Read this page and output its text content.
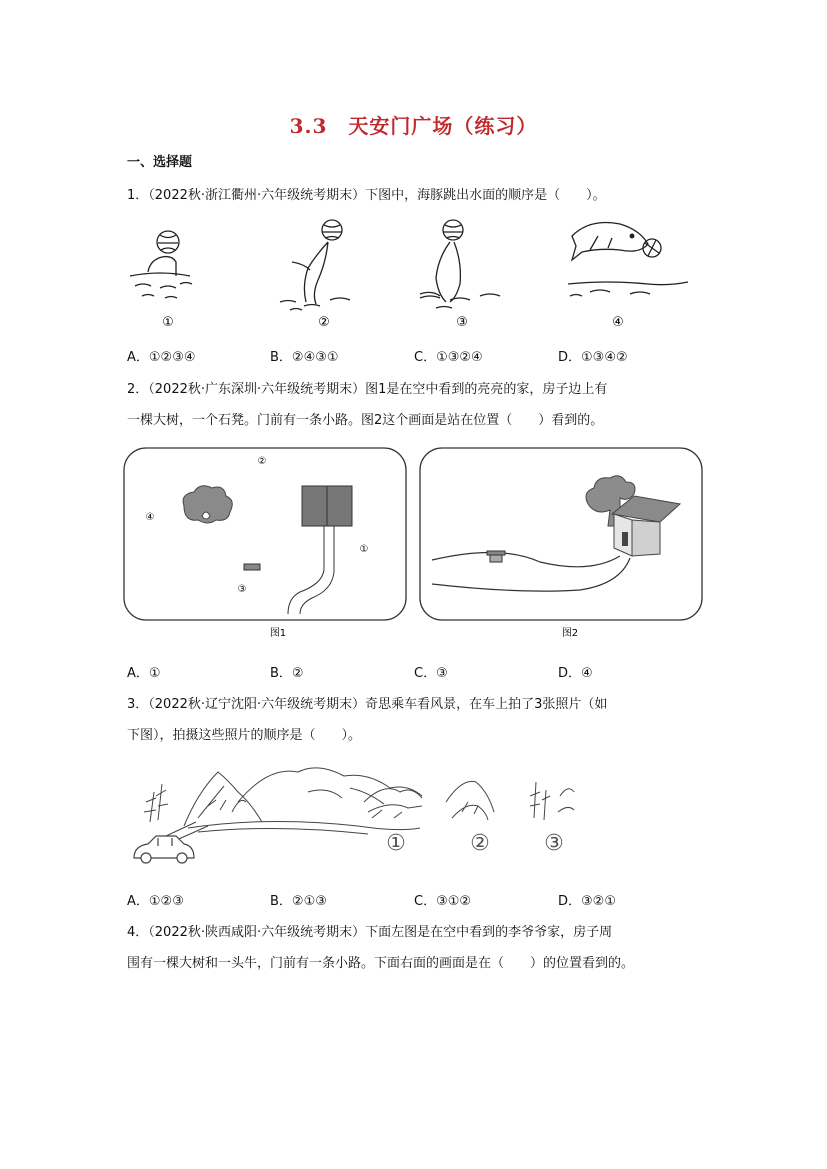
3.3　天安门广场（练习）
一、选择题
1．（2022秋·浙江衢州·六年级统考期末）下图中，海豚跳出水面的顺序是（　　）。
①	②	③	④
A．①②③④	B．②④③①	C．①③②④	D．①③④②
2．（2022秋·广东深圳·六年级统考期末）图1是在空中看到的亮亮的家，房子边上有
一棵大树，一个石凳。门前有一条小路。图2这个画面是站在位置（　　）看到的。
②
④
①
③
图1	图2
A．①	B．②	C．③	D．④
3．（2022秋·辽宁沈阳·六年级统考期末）奇思乘车看风景，在车上拍了3张照片（如
下图），拍摄这些照片的顺序是（　　）。
①	② ③
A．①②③	B．②①③	C．③①②	D．③②①
4．（2022秋·陕西咸阳·六年级统考期末）下面左图是在空中看到的李爷爷家，房子周
围有一棵大树和一头牛，门前有一条小路。下面右面的画面是在（　　）的位置看到的。
